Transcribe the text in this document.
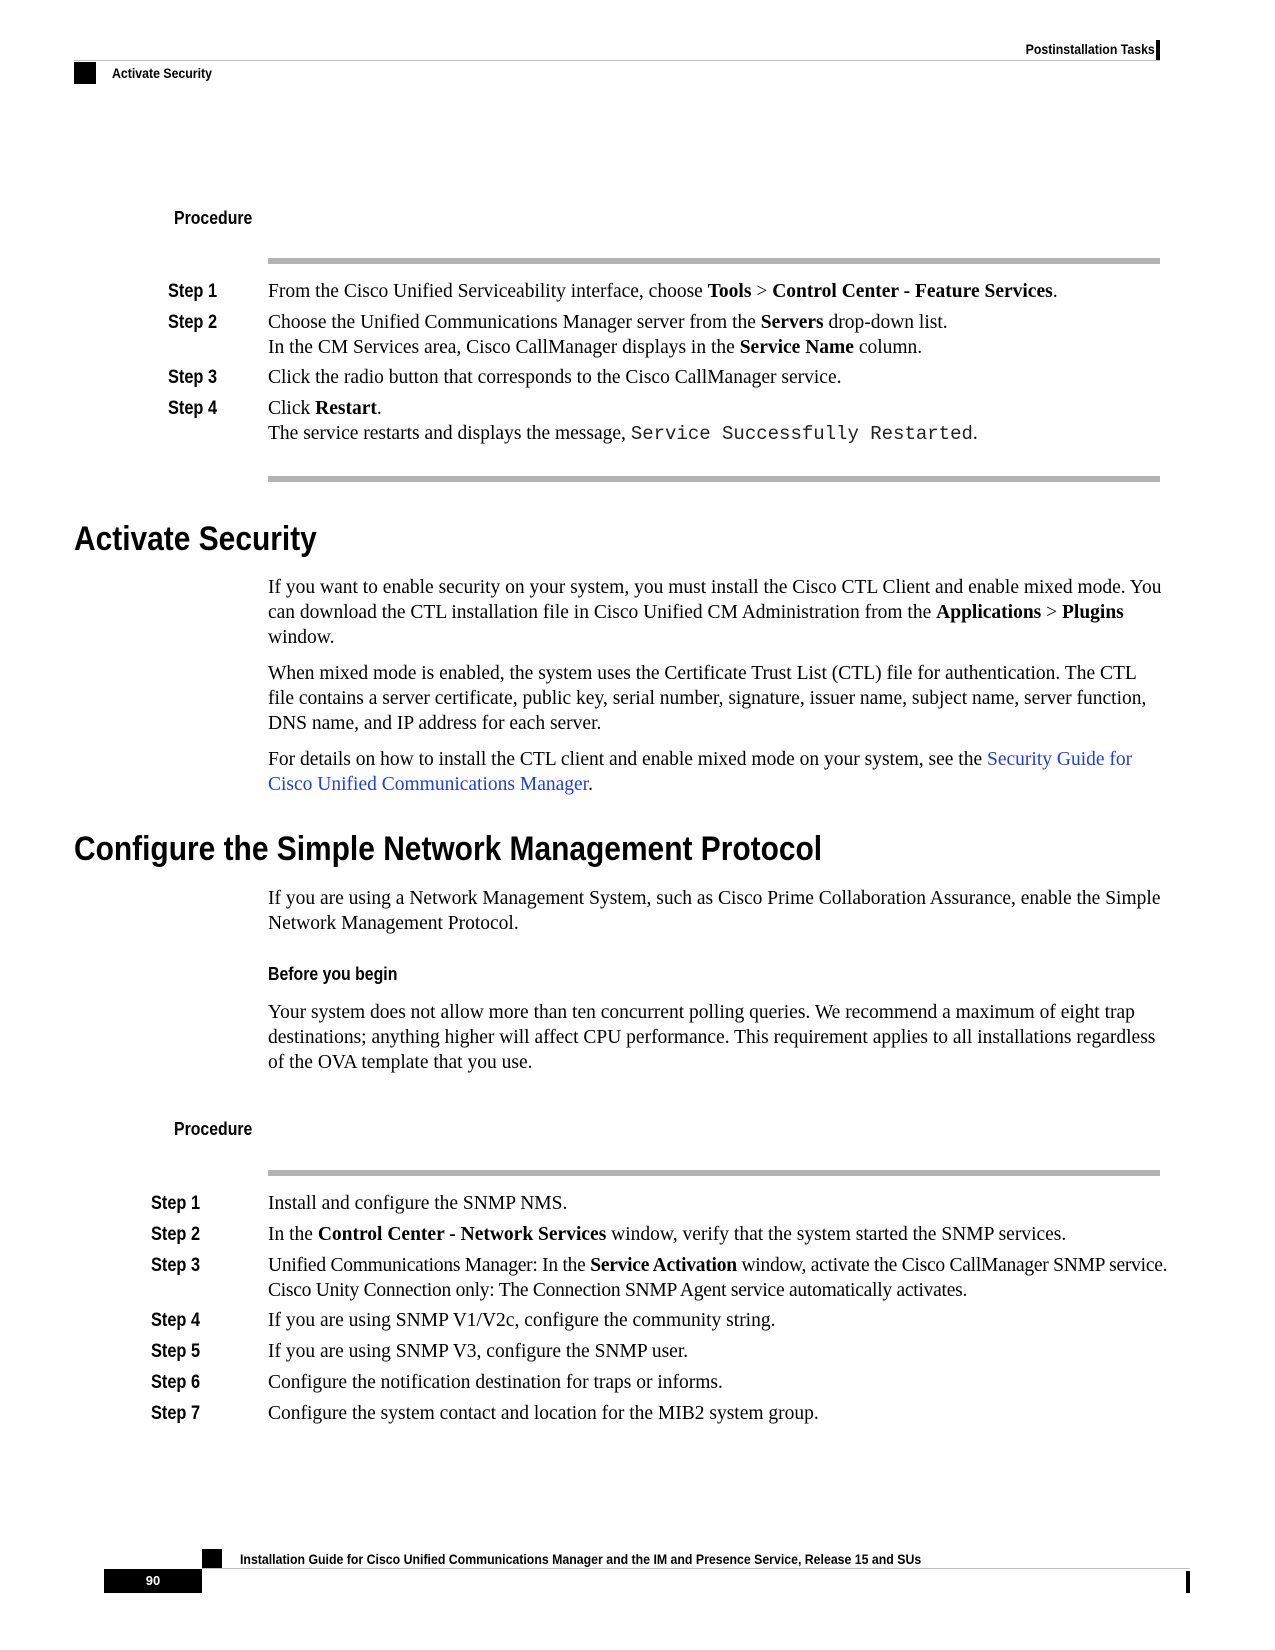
Postinstallation Tasks
Activate Security
Procedure
Step 1	From the Cisco Unified Serviceability interface, choose Tools > Control Center - Feature Services.
Step 2	Choose the Unified Communications Manager server from the Servers drop-down list.
In the CM Services area, Cisco CallManager displays in the Service Name column.
Step 3	Click the radio button that corresponds to the Cisco CallManager service.
Step 4	Click Restart.
The service restarts and displays the message, Service Successfully Restarted.
Activate Security

If you want to enable security on your system, you must install the Cisco CTL Client and enable mixed mode. You can download the CTL installation file in Cisco Unified CM Administration from the Applications > Plugins window.

When mixed mode is enabled, the system uses the Certificate Trust List (CTL) file for authentication. The CTL file contains a server certificate, public key, serial number, signature, issuer name, subject name, server function, DNS name, and IP address for each server.

For details on how to install the CTL client and enable mixed mode on your system, see the Security Guide for Cisco Unified Communications Manager.

Configure the Simple Network Management Protocol

If you are using a Network Management System, such as Cisco Prime Collaboration Assurance, enable the Simple Network Management Protocol.

Before you begin

Your system does not allow more than ten concurrent polling queries. We recommend a maximum of eight trap destinations; anything higher will affect CPU performance. This requirement applies to all installations regardless of the OVA template that you use.

Procedure
Step 1	Install and configure the SNMP NMS.
Step 2	In the Control Center - Network Services window, verify that the system started the SNMP services.
Step 3	Unified Communications Manager: In the Service Activation window, activate the Cisco CallManager SNMP service. Cisco Unity Connection only: The Connection SNMP Agent service automatically activates.
Step 4	If you are using SNMP V1/V2c, configure the community string.
Step 5	If you are using SNMP V3, configure the SNMP user.
Step 6	Configure the notification destination for traps or informs.
Step 7	Configure the system contact and location for the MIB2 system group.
Installation Guide for Cisco Unified Communications Manager and the IM and Presence Service, Release 15 and SUs
90
